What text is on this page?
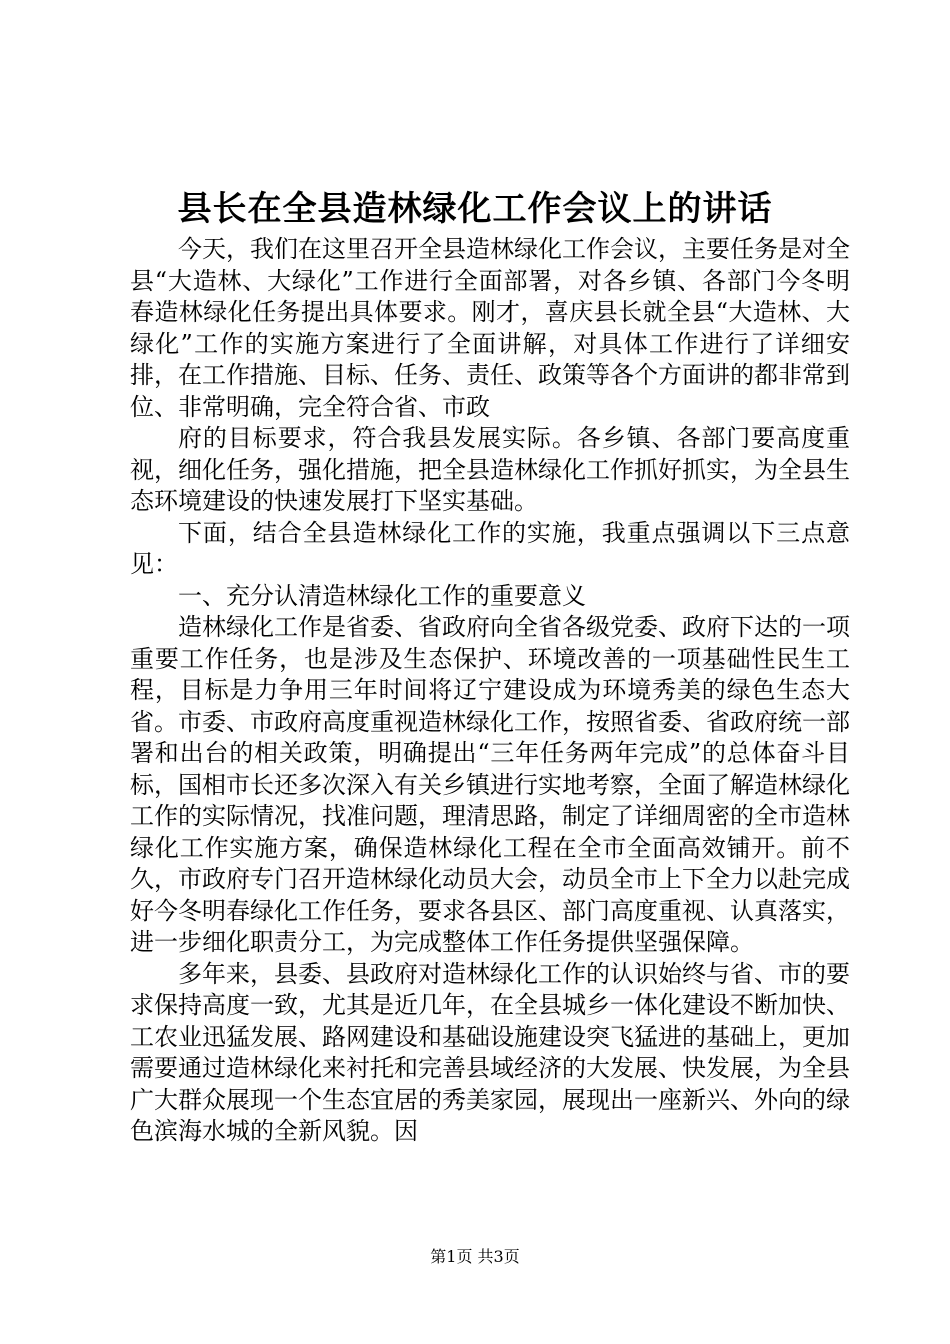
县长在全县造林绿化工作会议上的讲话

今天，我们在这里召开全县造林绿化工作会议，主要任务是对全县“大造林、大绿化”工作进行全面部署，对各乡镇、各部门今冬明春造林绿化任务提出具体要求。刚才，喜庆县长就全县“大造林、大绿化”工作的实施方案进行了全面讲解，对具体工作进行了详细安排，在工作措施、目标、任务、责任、政策等各个方面讲的都非常到位、非常明确，完全符合省、市政

府的目标要求，符合我县发展实际。各乡镇、各部门要高度重视，细化任务，强化措施，把全县造林绿化工作抓好抓实，为全县生态环境建设的快速发展打下坚实基础。

下面，结合全县造林绿化工作的实施，我重点强调以下三点意见：

一、充分认清造林绿化工作的重要意义

造林绿化工作是省委、省政府向全省各级党委、政府下达的一项重要工作任务，也是涉及生态保护、环境改善的一项基础性民生工程，目标是力争用三年时间将辽宁建设成为环境秀美的绿色生态大省。市委、市政府高度重视造林绿化工作，按照省委、省政府统一部署和出台的相关政策，明确提出“三年任务两年完成”的总体奋斗目标，国相市长还多次深入有关乡镇进行实地考察，全面了解造林绿化工作的实际情况，找准问题，理清思路，制定了详细周密的全市造林绿化工作实施方案，确保造林绿化工程在全市全面高效铺开。前不久，市政府专门召开造林绿化动员大会，动员全市上下全力以赴完成好今冬明春绿化工作任务，要求各县区、部门高度重视、认真落实，进一步细化职责分工，为完成整体工作任务提供坚强保障。

多年来，县委、县政府对造林绿化工作的认识始终与省、市的要求保持高度一致，尤其是近几年，在全县城乡一体化建设不断加快、工农业迅猛发展、路网建设和基础设施建设突飞猛进的基础上，更加需要通过造林绿化来衬托和完善县域经济的大发展、快发展，为全县广大群众展现一个生态宜居的秀美家园，展现出一座新兴、外向的绿色滨海水城的全新风貌。因

第1页 共3页
